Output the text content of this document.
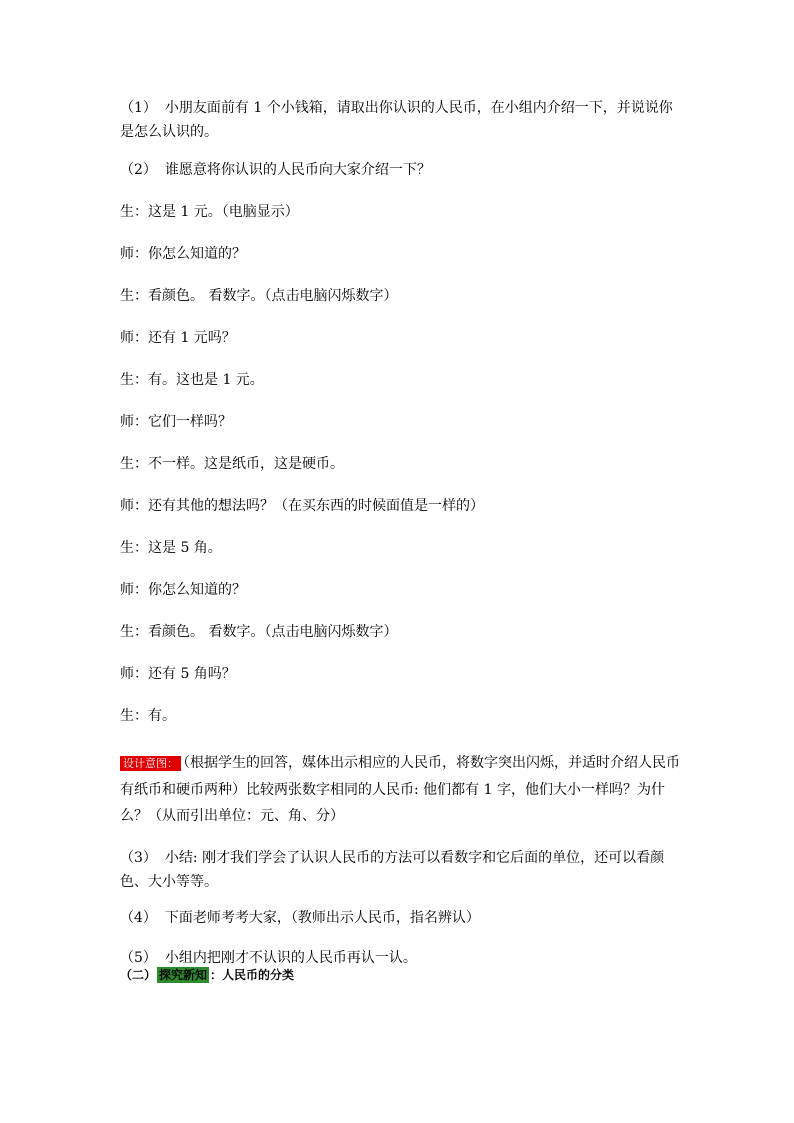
（1） 小朋友面前有 1 个小钱箱，请取出你认识的人民币，在小组内介绍一下，并说说你是怎么认识的。
（2） 谁愿意将你认识的人民币向大家介绍一下？
生：这是 1 元。（电脑显示）
师：你怎么知道的？
生：看颜色。 看数字。（点击电脑闪烁数字）
师：还有 1 元吗？
生：有。这也是 1 元。
师：它们一样吗？
生：不一样。这是纸币，这是硬币。
师：还有其他的想法吗？（在买东西的时候面值是一样的）
生：这是 5 角。
师：你怎么知道的？
生：看颜色。 看数字。（点击电脑闪烁数字）
师：还有 5 角吗？
生：有。
设计意图： （根据学生的回答，媒体出示相应的人民币，将数字突出闪烁，并适时介绍人民币有纸币和硬币两种）比较两张数字相同的人民币: 他们都有 1 字，他们大小一样吗？为什么？（从而引出单位：元、角、分）
（3） 小结: 刚才我们学会了认识人民币的方法可以看数字和它后面的单位，还可以看颜色、大小等等。
（4） 下面老师考考大家，（教师出示人民币，指名辨认）
（5） 小组内把刚才不认识的人民币再认一认。
（二） 探究新知 ：人民币的分类
